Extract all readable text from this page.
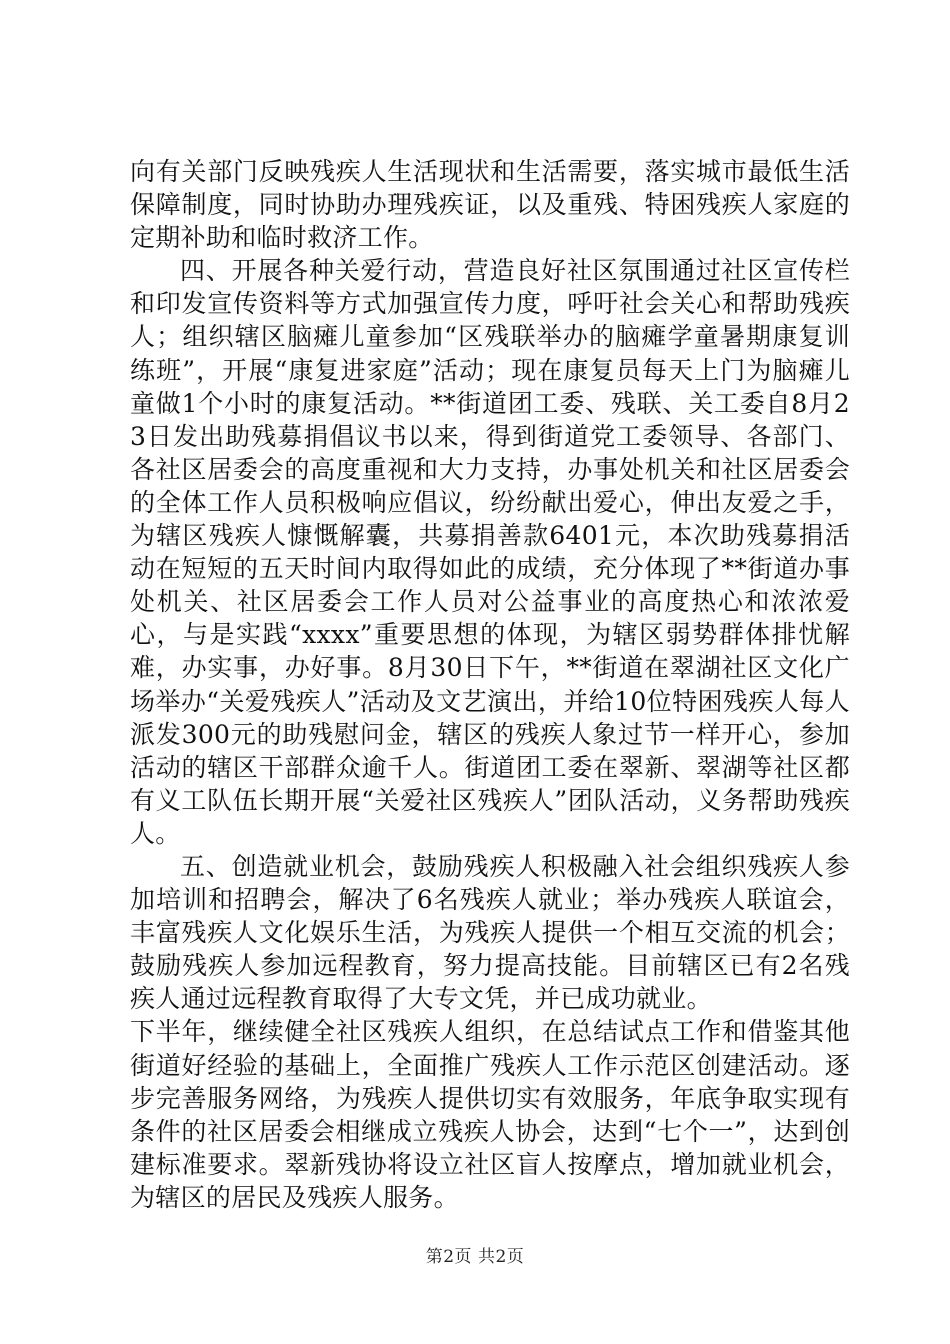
向有关部门反映残疾人生活现状和生活需要，落实城市最低生活保障制度，同时协助办理残疾证，以及重残、特困残疾人家庭的定期补助和临时救济工作。

四、开展各种关爱行动，营造良好社区氛围通过社区宣传栏和印发宣传资料等方式加强宣传力度，呼吁社会关心和帮助残疾人；组织辖区脑瘫儿童参加“区残联举办的脑瘫学童暑期康复训练班”，开展“康复进家庭”活动；现在康复员每天上门为脑瘫儿童做1个小时的康复活动。**街道团工委、残联、关工委自8月23日发出助残募捐倡议书以来，得到街道党工委领导、各部门、各社区居委会的高度重视和大力支持，办事处机关和社区居委会的全体工作人员积极响应倡议，纷纷献出爱心，伸出友爱之手，为辖区残疾人慷慨解囊，共募捐善款6401元，本次助残募捐活动在短短的五天时间内取得如此的成绩，充分体现了**街道办事处机关、社区居委会工作人员对公益事业的高度热心和浓浓爱心，与是实践“xxxx”重要思想的体现，为辖区弱势群体排忧解难，办实事，办好事。8月30日下午，**街道在翠湖社区文化广场举办“关爱残疾人”活动及文艺演出，并给10位特困残疾人每人派发300元的助残慰问金，辖区的残疾人象过节一样开心，参加活动的辖区干部群众逾千人。街道团工委在翠新、翠湖等社区都有义工队伍长期开展“关爱社区残疾人”团队活动，义务帮助残疾人。

五、创造就业机会，鼓励残疾人积极融入社会组织残疾人参加培训和招聘会，解决了6名残疾人就业；举办残疾人联谊会，丰富残疾人文化娱乐生活，为残疾人提供一个相互交流的机会；鼓励残疾人参加远程教育，努力提高技能。目前辖区已有2名残疾人通过远程教育取得了大专文凭，并已成功就业。

下半年，继续健全社区残疾人组织，在总结试点工作和借鉴其他街道好经验的基础上，全面推广残疾人工作示范区创建活动。逐步完善服务网络，为残疾人提供切实有效服务，年底争取实现有条件的社区居委会相继成立残疾人协会，达到“七个一”，达到创建标准要求。翠新残协将设立社区盲人按摩点，增加就业机会，为辖区的居民及残疾人服务。

第2页 共2页
